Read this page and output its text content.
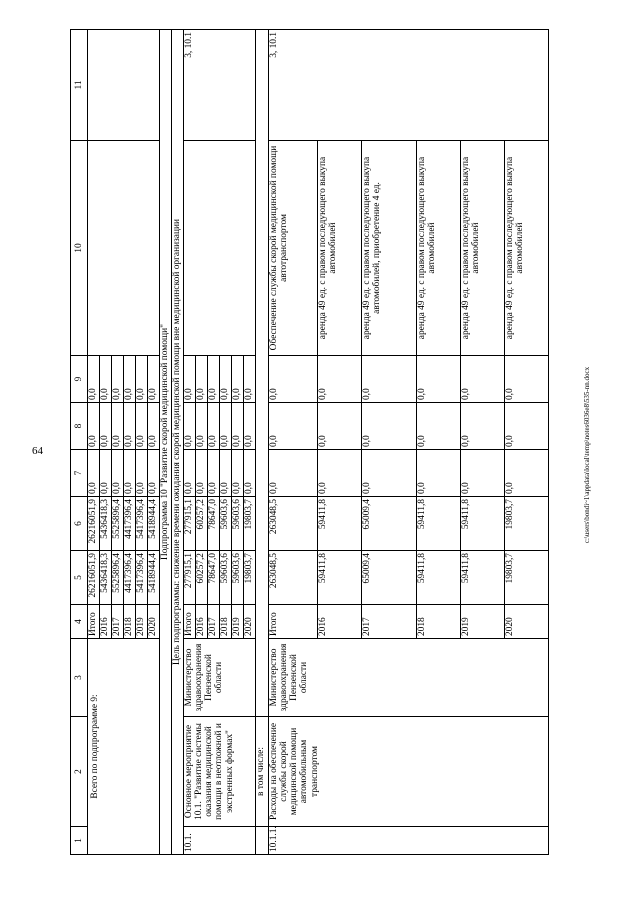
64	c:\users\bondi~1\appdata\local\temp\notes6036e8\535-nn.docx
1	2	3	4	5	6	7	8	9	10	11
Всего по подпрограмме 9:			Итого	26216051,9	26216051,9	0,0	0,0	0,0		
			2016	5436418,3	5436418,3	0,0	0,0	0,0		
			2017	5525896,4	5525896,4	0,0	0,0	0,0		
			2018	4417396,4	4417396,4	0,0	0,0	0,0		
			2019	5417396,4	5417396,4	0,0	0,0	0,0		
			2020	5418944,4	5418944,4	0,0	0,0	0,0		
Подпрограмма 10 "Развитие скорой медицинской помощи"										
Цель подпрограммы: снижение времени ожидания скорой медицинской помощи вне медицинской организации										
10.1.	Основное мероприятие 10.1. "Развитие системы оказания медицинской помощи в неотложной и экстренных формах"	Министерство здравоохранения Пензенской области	Итого	277915,1	277915,1	0,0	0,0	0,0		3, 10.1
			2016	60257,2	60257,2	0,0	0,0	0,0		
			2017	78647,0	78647,0	0,0	0,0	0,0		
			2018	59603,6	59603,6	0,0	0,0	0,0		
			2019	59603,6	59603,6	0,0	0,0	0,0		
			2020	19803,7	19803,7	0,0	0,0	0,0		
	в том числе:									
10.1.1.	Расходы на обеспечение службы скорой медицинской помощи автомобильным транспортом	Министерство здравоохранения Пензенской области	Итого	263048,5	263048,5	0,0	0,0	0,0	Обеспечение службы скорой медицинской помощи автотранспортом	3, 10.1
			2016	59411,8	59411,8	0,0	0,0	0,0	аренда 49 ед. с правом последующего выкупа автомобилей	
			2017	65009,4	65009,4	0,0	0,0	0,0	аренда 49 ед. с правом последующего выкупа автомобилей, приобретение 4 ед.	
			2018	59411,8	59411,8	0,0	0,0	0,0	аренда 49 ед. с правом последующего выкупа автомобилей	
			2019	59411,8	59411,8	0,0	0,0	0,0	аренда 49 ед. с правом последующего выкупа автомобилей	
			2020	19803,7	19803,7	0,0	0,0	0,0	аренда 49 ед. с правом последующего выкупа автомобилей	
